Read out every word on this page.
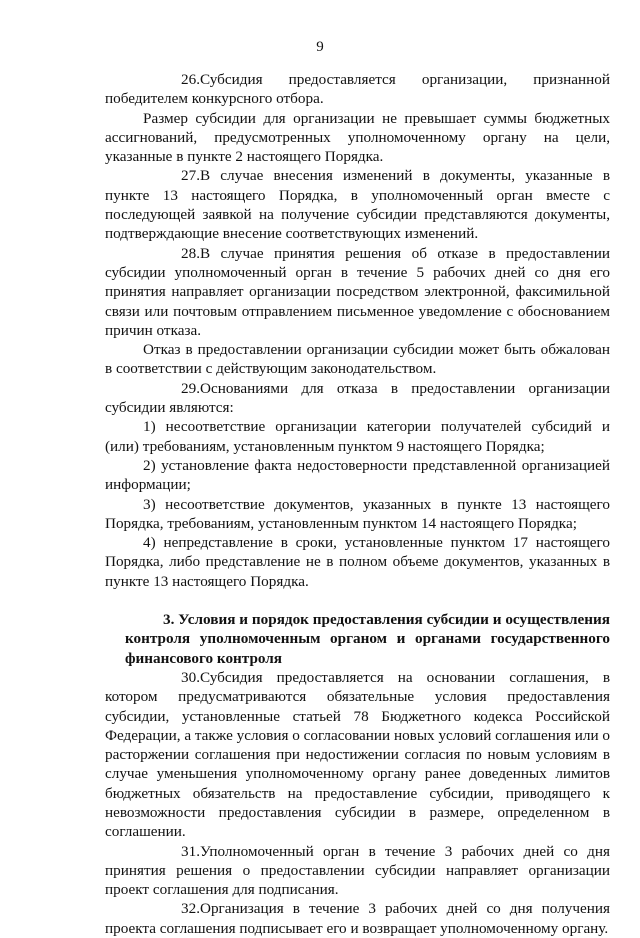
9

26.Субсидия предоставляется организации, признанной победителем конкурсного отбора.

Размер субсидии для организации не превышает суммы бюджетных ассигнований, предусмотренных уполномоченному органу на цели, указанные в пункте 2 настоящего Порядка.

27.В случае внесения изменений в документы, указанные в пункте 13 настоящего Порядка, в уполномоченный орган вместе с последующей заявкой на получение субсидии представляются документы, подтверждающие внесение соответствующих изменений.

28.В случае принятия решения об отказе в предоставлении субсидии уполномоченный орган в течение 5 рабочих дней со дня его принятия направляет организации посредством электронной, факсимильной связи или почтовым отправлением письменное уведомление с обоснованием причин отказа.

Отказ в предоставлении организации субсидии может быть обжалован в соответствии с действующим законодательством.

29.Основаниями для отказа в предоставлении организации субсидии являются:

1) несоответствие организации категории получателей субсидий и (или) требованиям, установленным пунктом 9 настоящего Порядка;

2) установление факта недостоверности представленной организацией информации;

3) несоответствие документов, указанных в пункте 13 настоящего Порядка, требованиям, установленным пунктом 14 настоящего Порядка;

4) непредставление в сроки, установленные пунктом 17 настоящего Порядка, либо представление не в полном объеме документов, указанных в пункте 13 настоящего Порядка.

3. Условия и порядок предоставления субсидии и осуществления контроля уполномоченным органом и органами государственного финансового контроля

30.Субсидия предоставляется на основании соглашения, в котором предусматриваются обязательные условия предоставления субсидии, установленные статьей 78 Бюджетного кодекса Российской Федерации, а также условия о согласовании новых условий соглашения или о расторжении соглашения при недостижении согласия по новым условиям в случае уменьшения уполномоченному органу ранее доведенных лимитов бюджетных обязательств на предоставление субсидии, приводящего к невозможности предоставления субсидии в размере, определенном в соглашении.

31.Уполномоченный орган в течение 3 рабочих дней со дня принятия решения о предоставлении субсидии направляет организации проект соглашения для подписания.

32.Организация в течение 3 рабочих дней со дня получения проекта соглашения подписывает его и возвращает уполномоченному органу.
